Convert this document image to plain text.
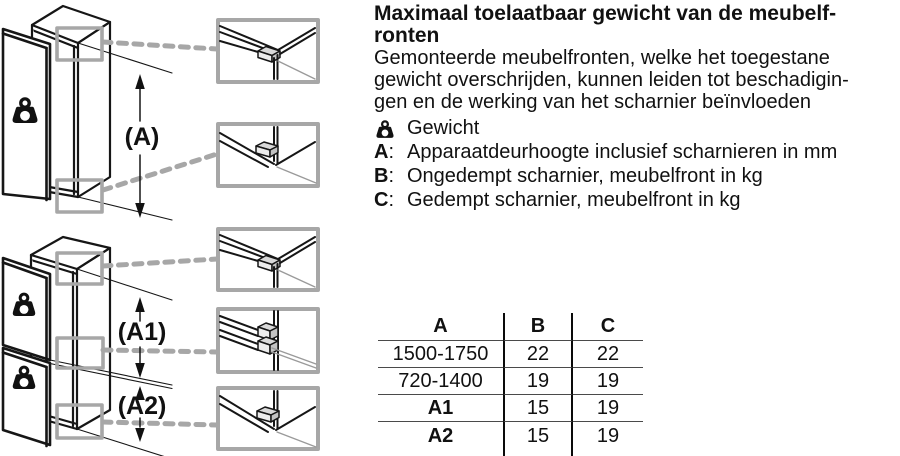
(A)
(A1)
(A2)
Maximaal toelaatbaar gewicht van de meubelf-
ronten
Gemonteerde meubelfronten, welke het toegestane
gewicht overschrijden, kunnen leiden tot beschadigin-
gen en de werking van het scharnier beïnvloeden
Gewicht
A: Apparaatdeurhoogte inclusief scharnieren in mm
B: Ongedempt scharnier, meubelfront in kg
C: Gedempt scharnier, meubelfront in kg
A	B	C
1500-1750	22	22
720-1400	19	19
A1	15	19
A2	15	19
